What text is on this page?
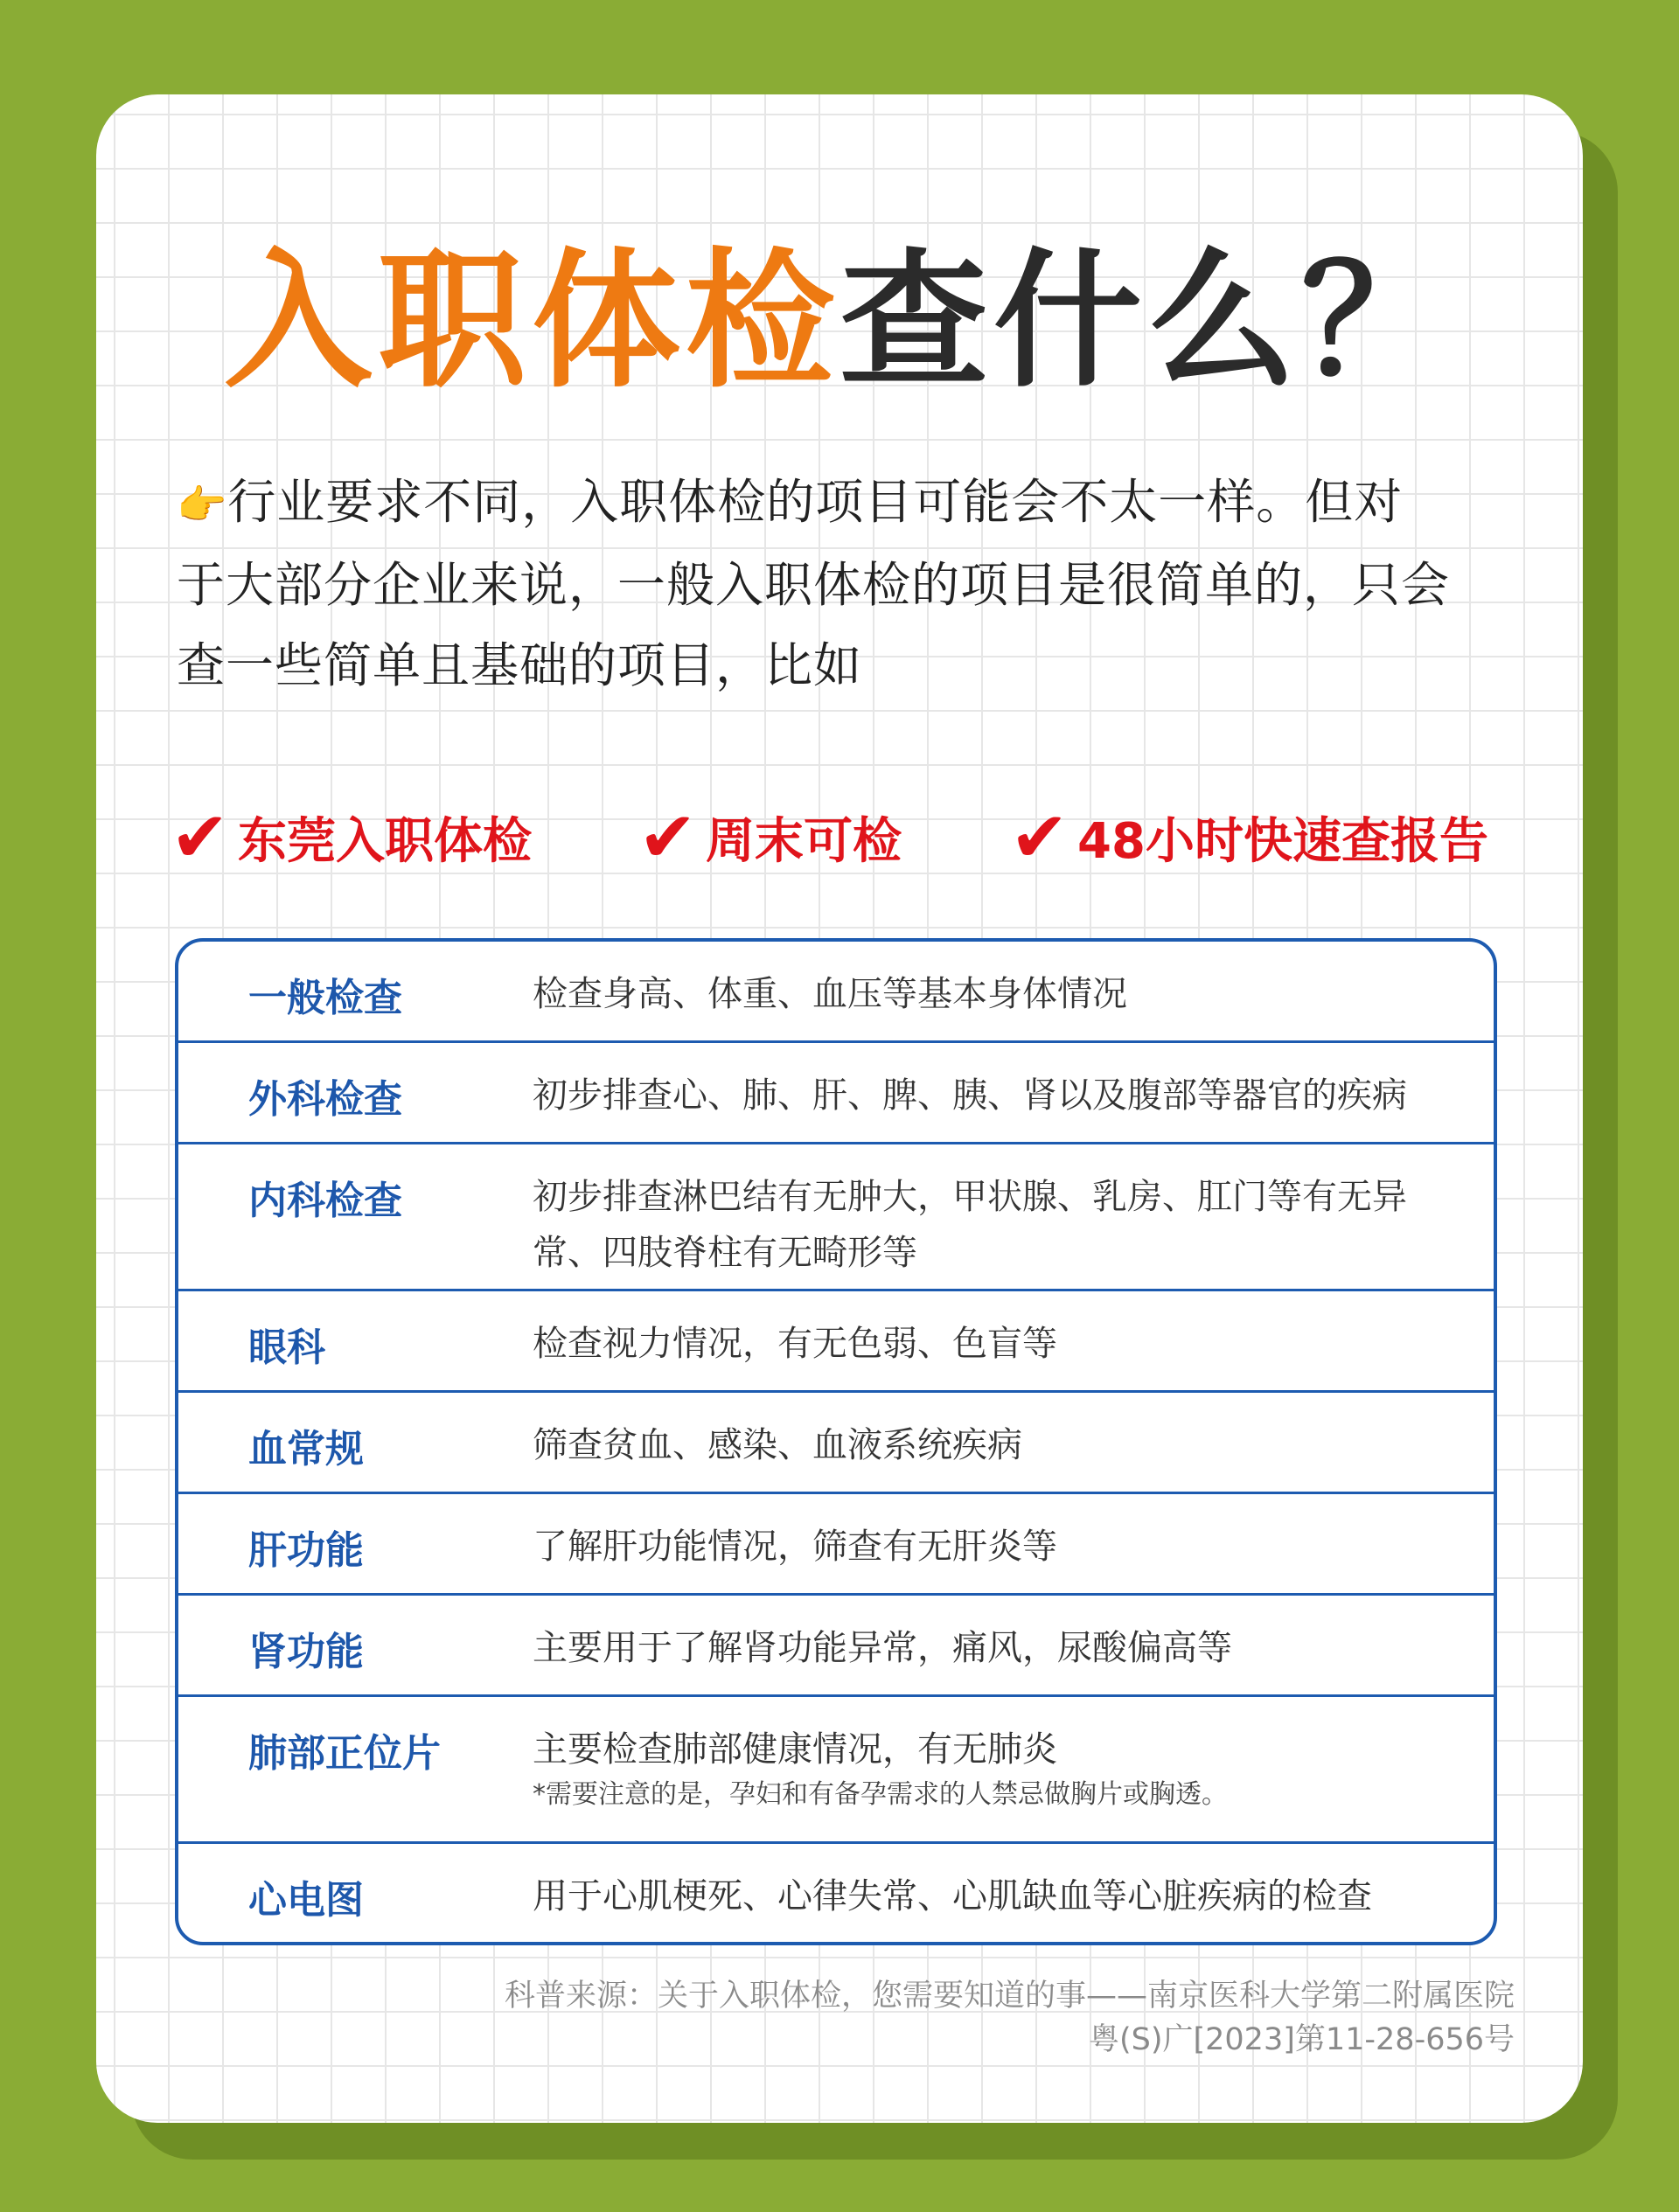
入职体检查什么？
👉行业要求不同，入职体检的项目可能会不太一样。但对
于大部分企业来说，一般入职体检的项目是很简单的，只会
查一些简单且基础的项目，比如
✔ 东莞入职体检 ✔ 周末可检 ✔ 48小时快速查报告
一般检查	检查身高、体重、血压等基本身体情况
外科检查	初步排查心、肺、肝、脾、胰、肾以及腹部等器官的疾病
内科检查	初步排查淋巴结有无肿大，甲状腺、乳房、肛门等有无异常、四肢脊柱有无畸形等
眼科	检查视力情况，有无色弱、色盲等
血常规	筛查贫血、感染、血液系统疾病
肝功能	了解肝功能情况，筛查有无肝炎等
肾功能	主要用于了解肾功能异常，痛风，尿酸偏高等
肺部正位片	主要检查肺部健康情况，有无肺炎
*需要注意的是，孕妇和有备孕需求的人禁忌做胸片或胸透。
心电图	用于心肌梗死、心律失常、心肌缺血等心脏疾病的检查
科普来源：关于入职体检，您需要知道的事——南京医科大学第二附属医院
粤(S)广[2023]第11-28-656号
